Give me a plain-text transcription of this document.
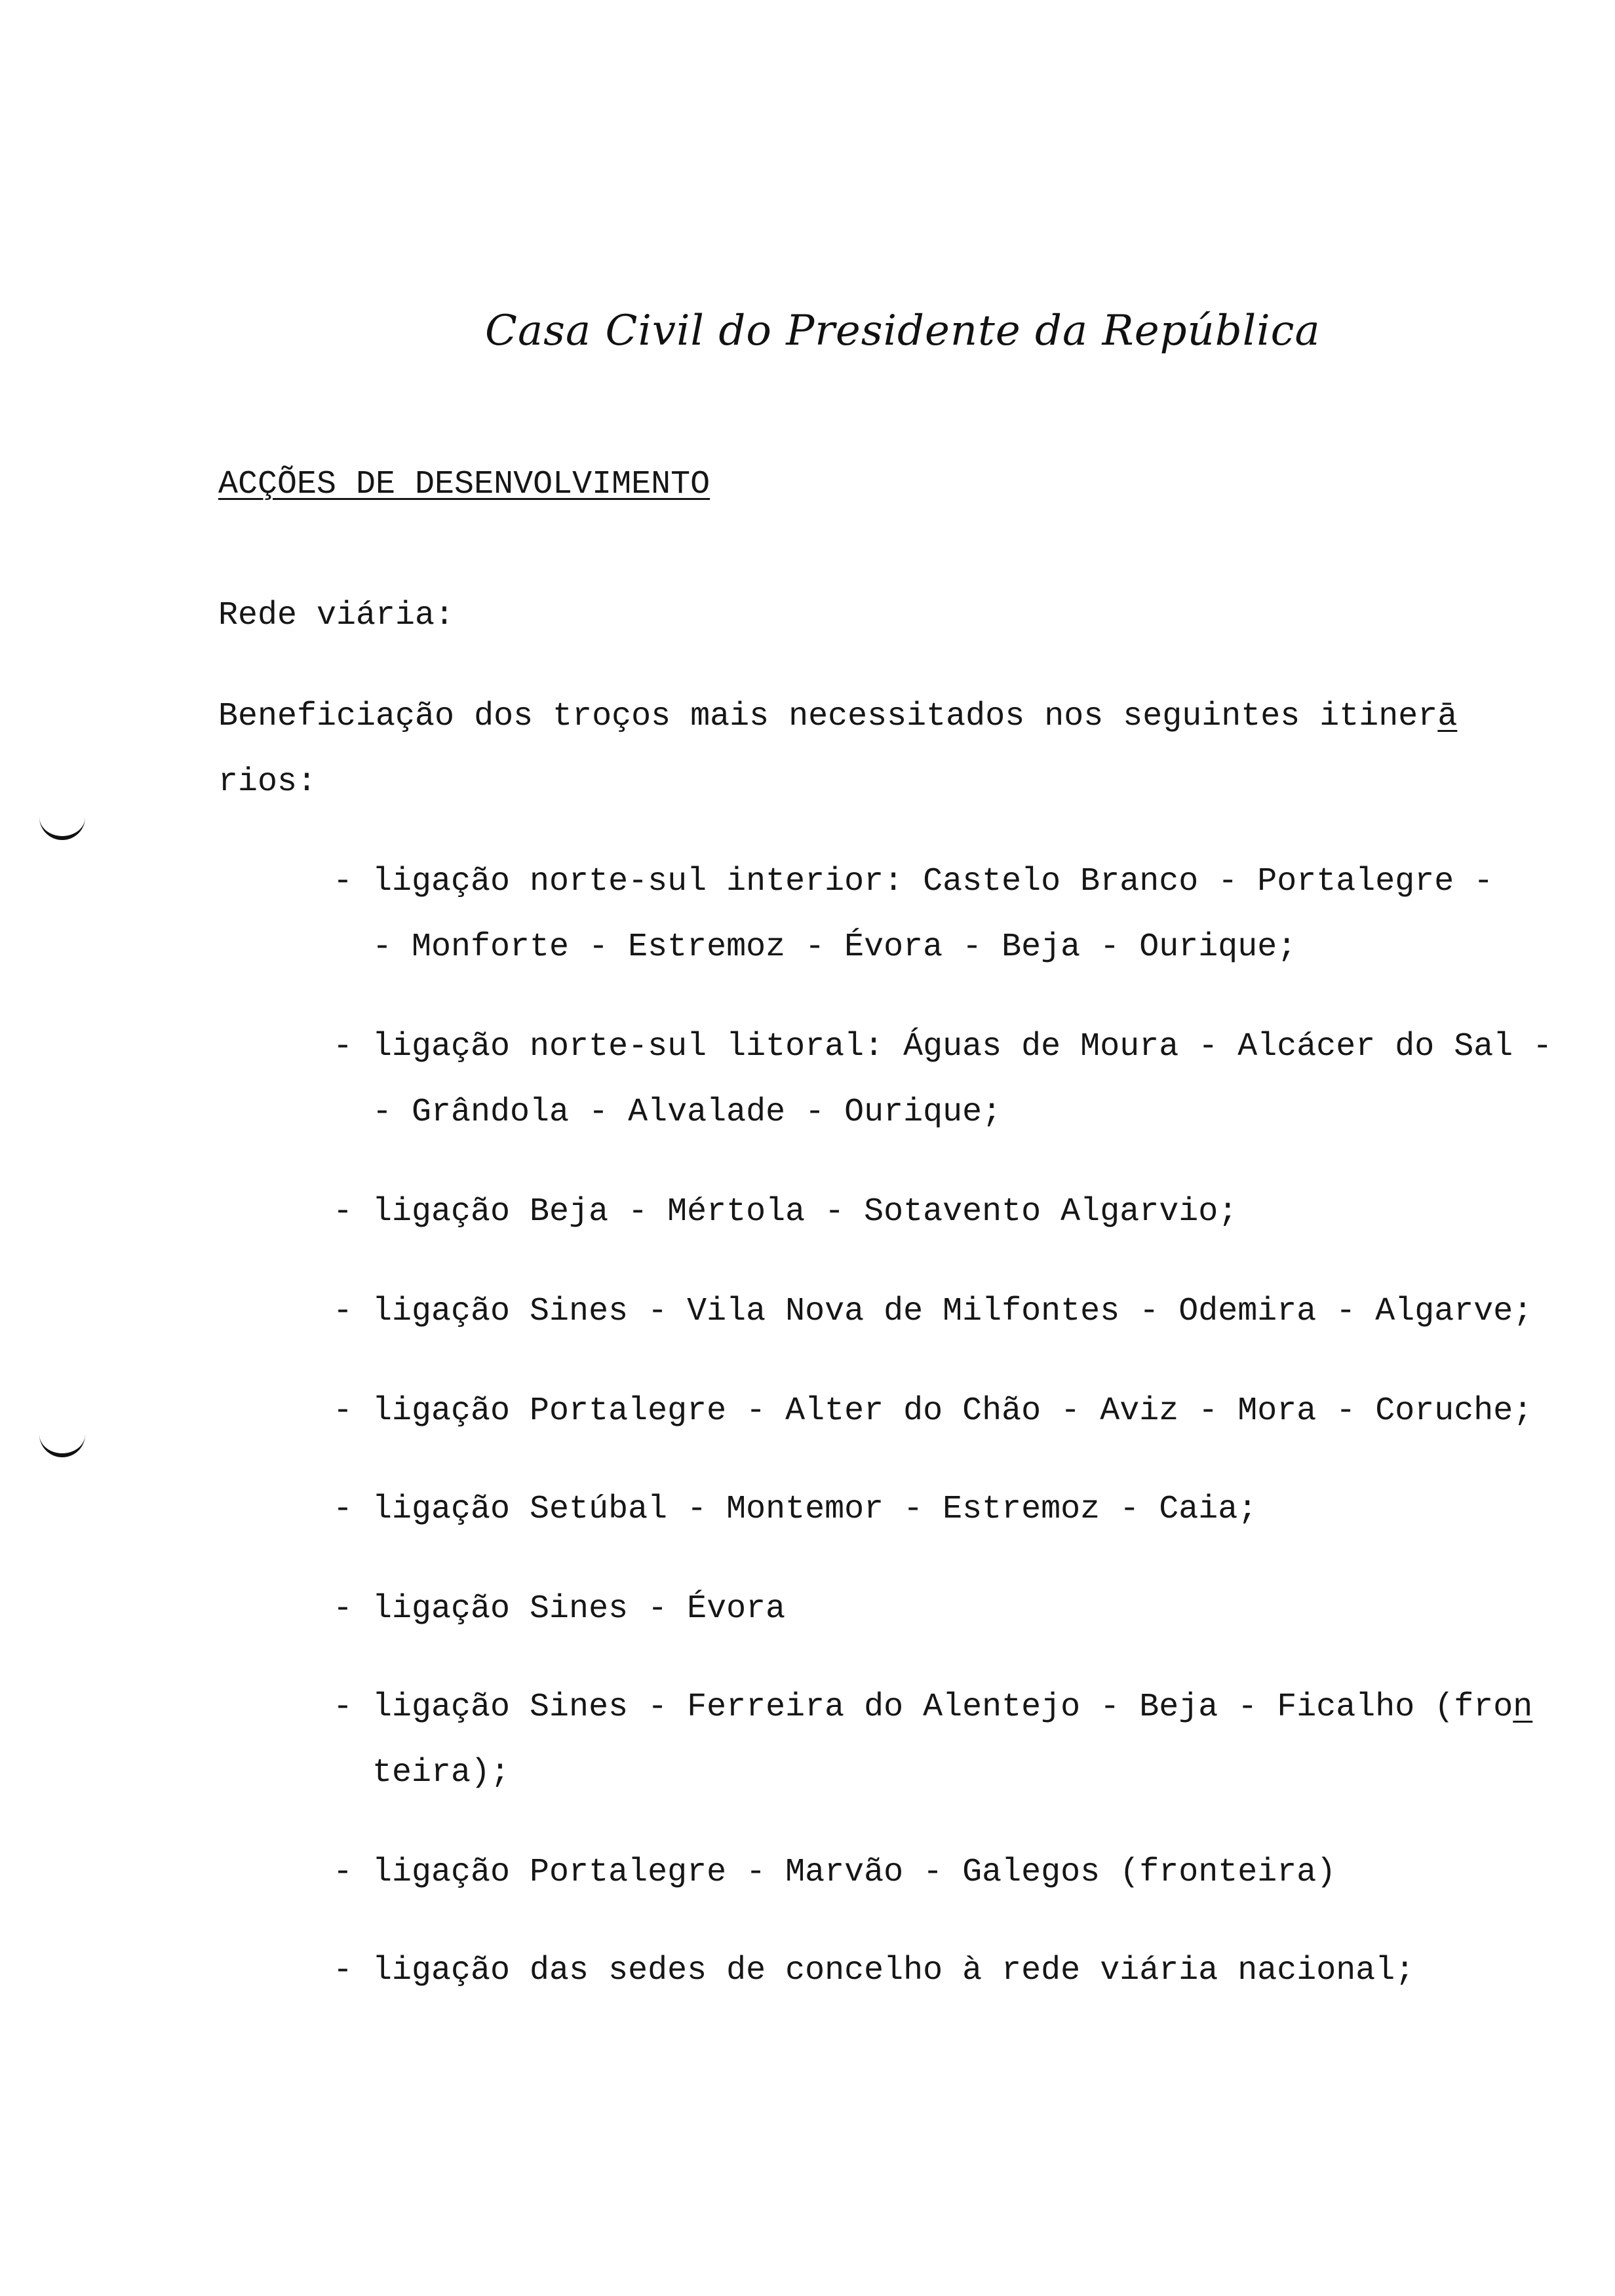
Casa Civil do Presidente da República
ACÇÕES DE DESENVOLVIMENTO
Rede viária:
Beneficiação dos troços mais necessitados nos seguintes itinerā
rios:
- ligação norte-sul interior: Castelo Branco - Portalegre -
- Monforte - Estremoz - Évora - Beja - Ourique;
- ligação norte-sul litoral: Águas de Moura - Alcácer do Sal -
- Grândola - Alvalade - Ourique;
- ligação Beja - Mértola - Sotavento Algarvio;
- ligação Sines - Vila Nova de Milfontes - Odemira - Algarve;
- ligação Portalegre - Alter do Chão - Aviz - Mora - Coruche;
- ligação Setúbal - Montemor - Estremoz - Caia;
- ligação Sines - Évora
- ligação Sines - Ferreira do Alentejo - Beja - Ficalho (fron
teira);
- ligação Portalegre - Marvão - Galegos (fronteira)
- ligação das sedes de concelho à rede viária nacional;
